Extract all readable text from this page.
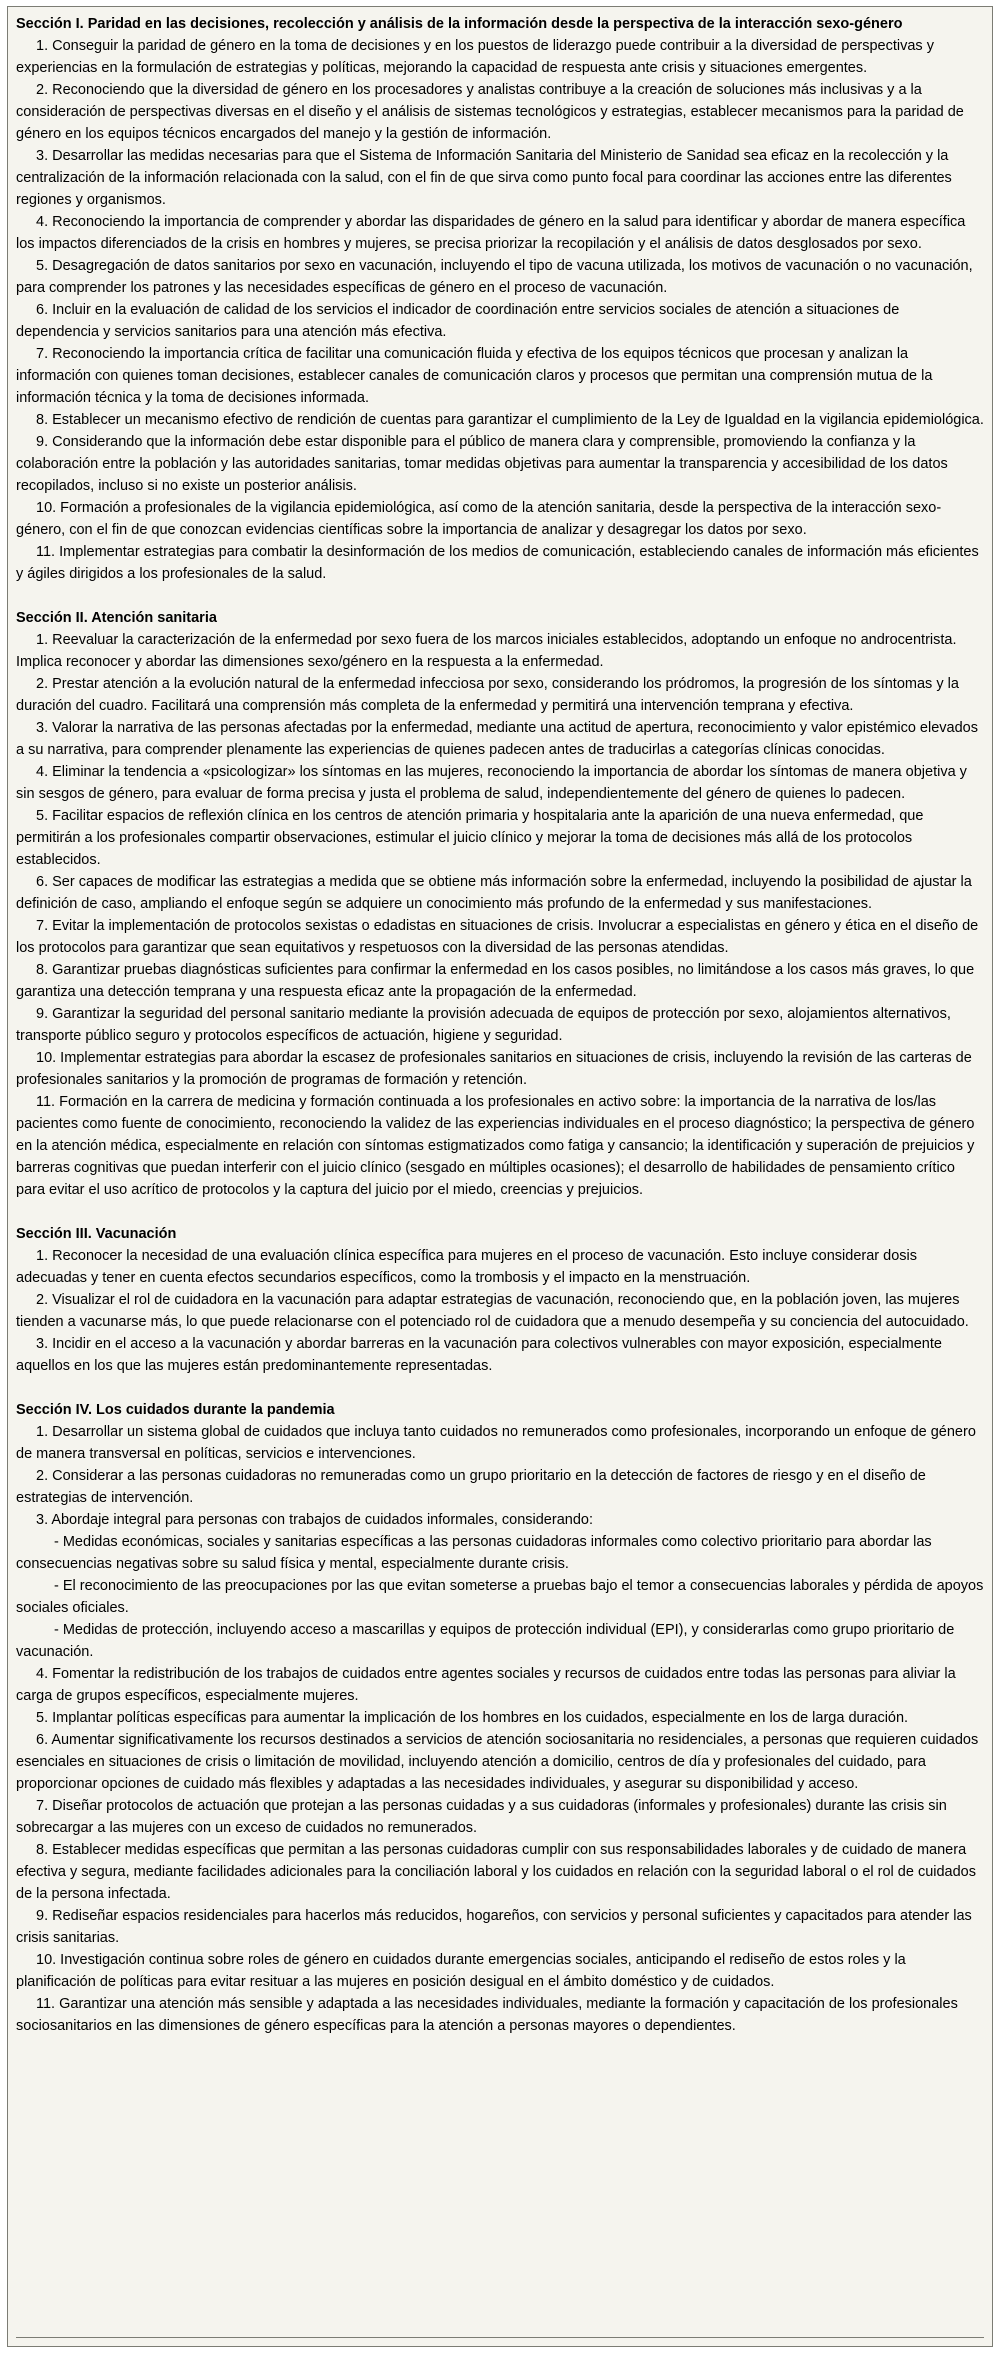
Sección I. Paridad en las decisiones, recolección y análisis de la información desde la perspectiva de la interacción sexo-género

1. Conseguir la paridad de género en la toma de decisiones y en los puestos de liderazgo puede contribuir a la diversidad de perspectivas y experiencias en la formulación de estrategias y políticas, mejorando la capacidad de respuesta ante crisis y situaciones emergentes.

2. Reconociendo que la diversidad de género en los procesadores y analistas contribuye a la creación de soluciones más inclusivas y a la consideración de perspectivas diversas en el diseño y el análisis de sistemas tecnológicos y estrategias, establecer mecanismos para la paridad de género en los equipos técnicos encargados del manejo y la gestión de información.

3. Desarrollar las medidas necesarias para que el Sistema de Información Sanitaria del Ministerio de Sanidad sea eficaz en la recolección y la centralización de la información relacionada con la salud, con el fin de que sirva como punto focal para coordinar las acciones entre las diferentes regiones y organismos.

4. Reconociendo la importancia de comprender y abordar las disparidades de género en la salud para identificar y abordar de manera específica los impactos diferenciados de la crisis en hombres y mujeres, se precisa priorizar la recopilación y el análisis de datos desglosados por sexo.

5. Desagregación de datos sanitarios por sexo en vacunación, incluyendo el tipo de vacuna utilizada, los motivos de vacunación o no vacunación, para comprender los patrones y las necesidades específicas de género en el proceso de vacunación.

6. Incluir en la evaluación de calidad de los servicios el indicador de coordinación entre servicios sociales de atención a situaciones de dependencia y servicios sanitarios para una atención más efectiva.

7. Reconociendo la importancia crítica de facilitar una comunicación fluida y efectiva de los equipos técnicos que procesan y analizan la información con quienes toman decisiones, establecer canales de comunicación claros y procesos que permitan una comprensión mutua de la información técnica y la toma de decisiones informada.

8. Establecer un mecanismo efectivo de rendición de cuentas para garantizar el cumplimiento de la Ley de Igualdad en la vigilancia epidemiológica.

9. Considerando que la información debe estar disponible para el público de manera clara y comprensible, promoviendo la confianza y la colaboración entre la población y las autoridades sanitarias, tomar medidas objetivas para aumentar la transparencia y accesibilidad de los datos recopilados, incluso si no existe un posterior análisis.

10. Formación a profesionales de la vigilancia epidemiológica, así como de la atención sanitaria, desde la perspectiva de la interacción sexo-género, con el fin de que conozcan evidencias científicas sobre la importancia de analizar y desagregar los datos por sexo.

11. Implementar estrategias para combatir la desinformación de los medios de comunicación, estableciendo canales de información más eficientes y ágiles dirigidos a los profesionales de la salud.

Sección II. Atención sanitaria

1. Reevaluar la caracterización de la enfermedad por sexo fuera de los marcos iniciales establecidos, adoptando un enfoque no androcentrista. Implica reconocer y abordar las dimensiones sexo/género en la respuesta a la enfermedad.

2. Prestar atención a la evolución natural de la enfermedad infecciosa por sexo, considerando los pródromos, la progresión de los síntomas y la duración del cuadro. Facilitará una comprensión más completa de la enfermedad y permitirá una intervención temprana y efectiva.

3. Valorar la narrativa de las personas afectadas por la enfermedad, mediante una actitud de apertura, reconocimiento y valor epistémico elevados a su narrativa, para comprender plenamente las experiencias de quienes padecen antes de traducirlas a categorías clínicas conocidas.

4. Eliminar la tendencia a «psicologizar» los síntomas en las mujeres, reconociendo la importancia de abordar los síntomas de manera objetiva y sin sesgos de género, para evaluar de forma precisa y justa el problema de salud, independientemente del género de quienes lo padecen.

5. Facilitar espacios de reflexión clínica en los centros de atención primaria y hospitalaria ante la aparición de una nueva enfermedad, que permitirán a los profesionales compartir observaciones, estimular el juicio clínico y mejorar la toma de decisiones más allá de los protocolos establecidos.

6. Ser capaces de modificar las estrategias a medida que se obtiene más información sobre la enfermedad, incluyendo la posibilidad de ajustar la definición de caso, ampliando el enfoque según se adquiere un conocimiento más profundo de la enfermedad y sus manifestaciones.

7. Evitar la implementación de protocolos sexistas o edadistas en situaciones de crisis. Involucrar a especialistas en género y ética en el diseño de los protocolos para garantizar que sean equitativos y respetuosos con la diversidad de las personas atendidas.

8. Garantizar pruebas diagnósticas suficientes para confirmar la enfermedad en los casos posibles, no limitándose a los casos más graves, lo que garantiza una detección temprana y una respuesta eficaz ante la propagación de la enfermedad.

9. Garantizar la seguridad del personal sanitario mediante la provisión adecuada de equipos de protección por sexo, alojamientos alternativos, transporte público seguro y protocolos específicos de actuación, higiene y seguridad.

10. Implementar estrategias para abordar la escasez de profesionales sanitarios en situaciones de crisis, incluyendo la revisión de las carteras de profesionales sanitarios y la promoción de programas de formación y retención.

11. Formación en la carrera de medicina y formación continuada a los profesionales en activo sobre: la importancia de la narrativa de los/las pacientes como fuente de conocimiento, reconociendo la validez de las experiencias individuales en el proceso diagnóstico; la perspectiva de género en la atención médica, especialmente en relación con síntomas estigmatizados como fatiga y cansancio; la identificación y superación de prejuicios y barreras cognitivas que puedan interferir con el juicio clínico (sesgado en múltiples ocasiones); el desarrollo de habilidades de pensamiento crítico para evitar el uso acrítico de protocolos y la captura del juicio por el miedo, creencias y prejuicios.

Sección III. Vacunación

1. Reconocer la necesidad de una evaluación clínica específica para mujeres en el proceso de vacunación. Esto incluye considerar dosis adecuadas y tener en cuenta efectos secundarios específicos, como la trombosis y el impacto en la menstruación.

2. Visualizar el rol de cuidadora en la vacunación para adaptar estrategias de vacunación, reconociendo que, en la población joven, las mujeres tienden a vacunarse más, lo que puede relacionarse con el potenciado rol de cuidadora que a menudo desempeña y su conciencia del autocuidado.

3. Incidir en el acceso a la vacunación y abordar barreras en la vacunación para colectivos vulnerables con mayor exposición, especialmente aquellos en los que las mujeres están predominantemente representadas.

Sección IV. Los cuidados durante la pandemia

1. Desarrollar un sistema global de cuidados que incluya tanto cuidados no remunerados como profesionales, incorporando un enfoque de género de manera transversal en políticas, servicios e intervenciones.

2. Considerar a las personas cuidadoras no remuneradas como un grupo prioritario en la detección de factores de riesgo y en el diseño de estrategias de intervención.

3. Abordaje integral para personas con trabajos de cuidados informales, considerando:

- Medidas económicas, sociales y sanitarias específicas a las personas cuidadoras informales como colectivo prioritario para abordar las consecuencias negativas sobre su salud física y mental, especialmente durante crisis.

- El reconocimiento de las preocupaciones por las que evitan someterse a pruebas bajo el temor a consecuencias laborales y pérdida de apoyos sociales oficiales.

- Medidas de protección, incluyendo acceso a mascarillas y equipos de protección individual (EPI), y considerarlas como grupo prioritario de vacunación.

4. Fomentar la redistribución de los trabajos de cuidados entre agentes sociales y recursos de cuidados entre todas las personas para aliviar la carga de grupos específicos, especialmente mujeres.

5. Implantar políticas específicas para aumentar la implicación de los hombres en los cuidados, especialmente en los de larga duración.

6. Aumentar significativamente los recursos destinados a servicios de atención sociosanitaria no residenciales, a personas que requieren cuidados esenciales en situaciones de crisis o limitación de movilidad, incluyendo atención a domicilio, centros de día y profesionales del cuidado, para proporcionar opciones de cuidado más flexibles y adaptadas a las necesidades individuales, y asegurar su disponibilidad y acceso.

7. Diseñar protocolos de actuación que protejan a las personas cuidadas y a sus cuidadoras (informales y profesionales) durante las crisis sin sobrecargar a las mujeres con un exceso de cuidados no remunerados.

8. Establecer medidas específicas que permitan a las personas cuidadoras cumplir con sus responsabilidades laborales y de cuidado de manera efectiva y segura, mediante facilidades adicionales para la conciliación laboral y los cuidados en relación con la seguridad laboral o el rol de cuidados de la persona infectada.

9. Rediseñar espacios residenciales para hacerlos más reducidos, hogareños, con servicios y personal suficientes y capacitados para atender las crisis sanitarias.

10. Investigación continua sobre roles de género en cuidados durante emergencias sociales, anticipando el rediseño de estos roles y la planificación de políticas para evitar resituar a las mujeres en posición desigual en el ámbito doméstico y de cuidados.

11. Garantizar una atención más sensible y adaptada a las necesidades individuales, mediante la formación y capacitación de los profesionales sociosanitarios en las dimensiones de género específicas para la atención a personas mayores o dependientes.
